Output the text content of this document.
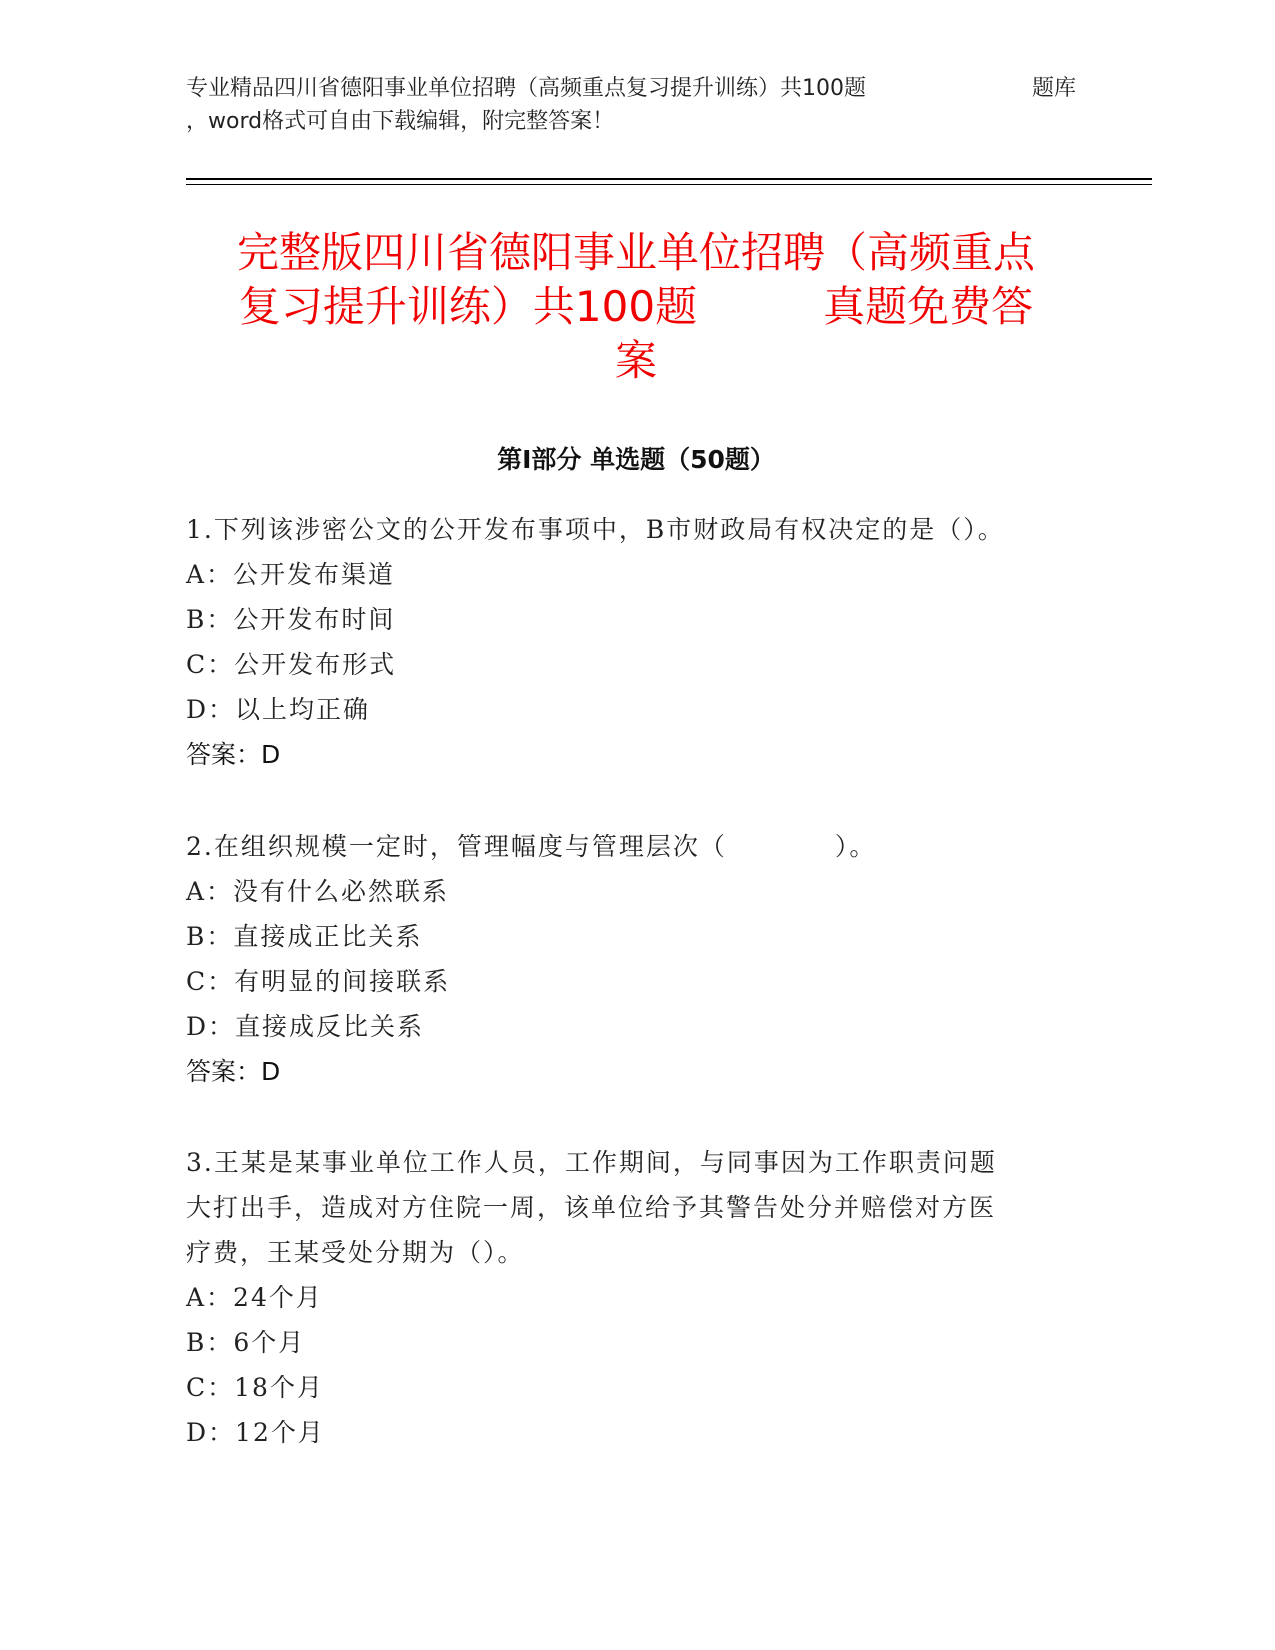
专业精品四川省德阳事业单位招聘（高频重点复习提升训练）共100题	题库
，word格式可自由下载编辑，附完整答案！
完整版四川省德阳事业单位招聘（高频重点
复习提升训练）共100题　　　真题免费答
案
第I部分 单选题（50题）
1.下列该涉密公文的公开发布事项中，B市财政局有权决定的是（）。
A：公开发布渠道
B：公开发布时间
C：公开发布形式
D：以上均正确
答案：D
2.在组织规模一定时，管理幅度与管理层次（　　　　）。
A：没有什么必然联系
B：直接成正比关系
C：有明显的间接联系
D：直接成反比关系
答案：D
3.王某是某事业单位工作人员，工作期间，与同事因为工作职责问题
大打出手，造成对方住院一周，该单位给予其警告处分并赔偿对方医
疗费，王某受处分期为（）。
A：24个月
B：6个月
C：18个月
D：12个月
